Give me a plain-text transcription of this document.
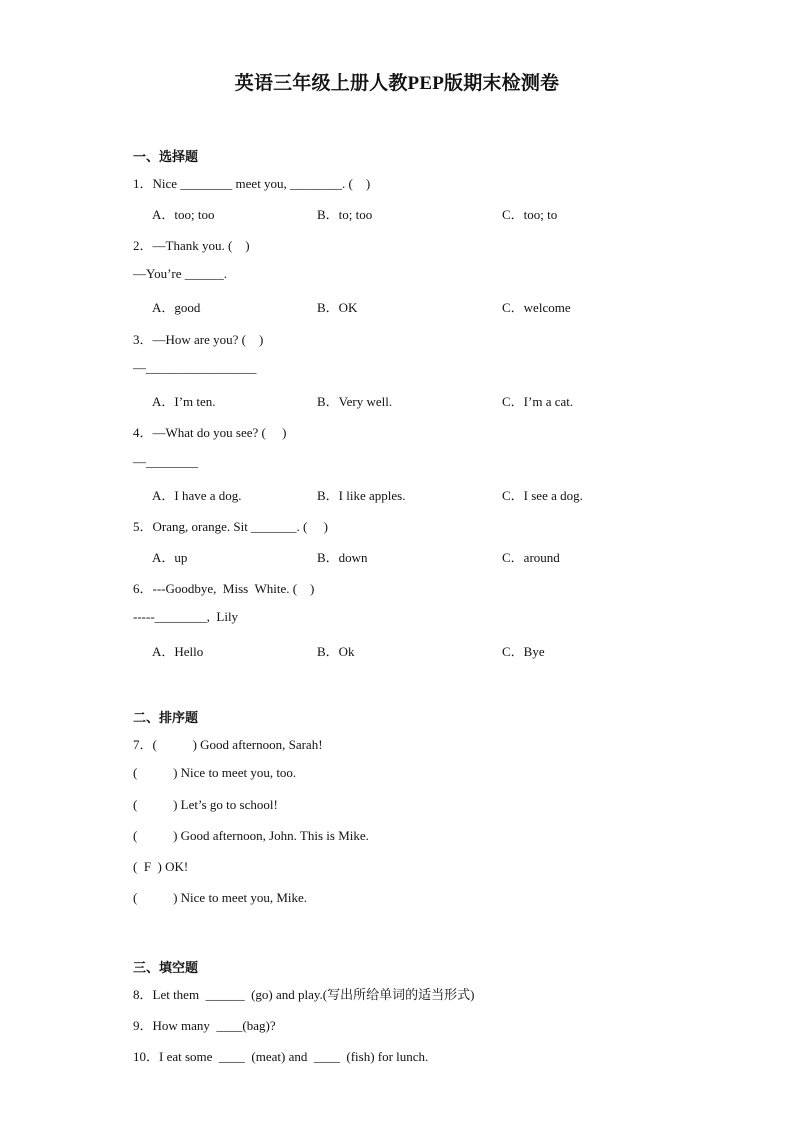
英语三年级上册人教PEP版期末检测卷
一、选择题
1．Nice ________ meet you, ________. (    )
A．too; too	B．to; too	C．too; to
2．—Thank you. (    )
—You’re ______.
A．good	B．OK	C．welcome
3．—How are you? (    )
—_________________
A．I’m ten.	B．Very well.	C．I’m a cat.
4．—What do you see? (     )
—________
A．I have a dog.	B．I like apples.	C．I see a dog.
5．Orang, orange. Sit _______. (     )
A．up	B．down	C．around
6．---Goodbye,  Miss  White. (    )
-----________,  Lily
A．Hello	B．Ok	C．Bye
二、排序题
7．(           ) Good afternoon, Sarah!
(           ) Nice to meet you, too.
(           ) Let’s go to school!
(           ) Good afternoon, John. This is Mike.
(  F  ) OK!
(           ) Nice to meet you, Mike.
三、填空题
8．Let them  ______  (go) and play.(写出所给单词的适当形式)
9．How many  ____(bag)?
10．I eat some  ____  (meat) and  ____  (fish) for lunch.
